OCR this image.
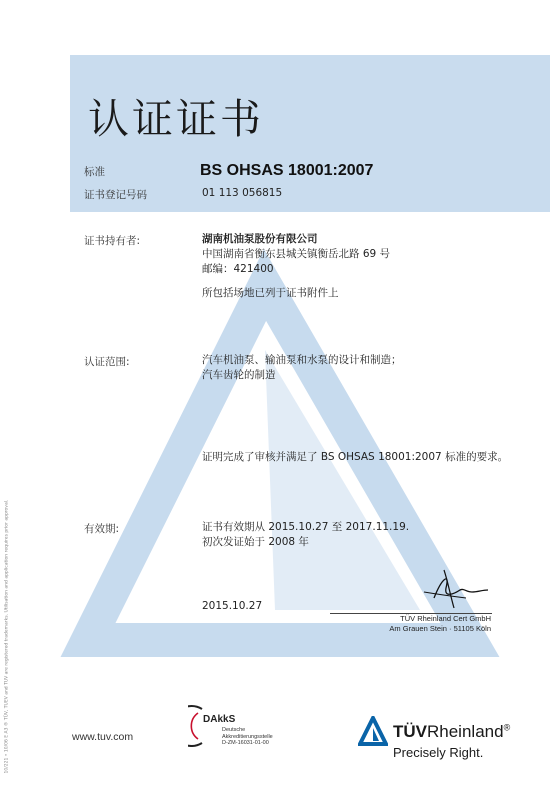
认证证书
标准	BS OHSAS 18001:2007
证书登记号码	01 113 056815
证书持有者:	湖南机油泵股份有限公司
中国湖南省衡东县城关镇衡岳北路 69 号
邮编：421400
所包括场地已列于证书附件上
认证范围:	汽车机油泵、输油泵和水泵的设计和制造；
汽车齿轮的制造
证明完成了审核并满足了 BS OHSAS 18001:2007 标准的要求。
有效期:	证书有效期从 2015.10.27 至 2017.11.19.
初次发证始于 2008 年
2015.10.27
TÜV Rheinland Cert GmbH
Am Grauen Stein · 51105 Köln
www.tuv.com
DAkkS
Deutsche
Akkreditierungsstelle
D-ZM-16031-01-00
TÜVRheinland®
Precisely Right.
10/221 • 10/06 E A3 ® TÜV, TUEV and TUV are registered trademarks. Utilisation and application requires prior approval.
